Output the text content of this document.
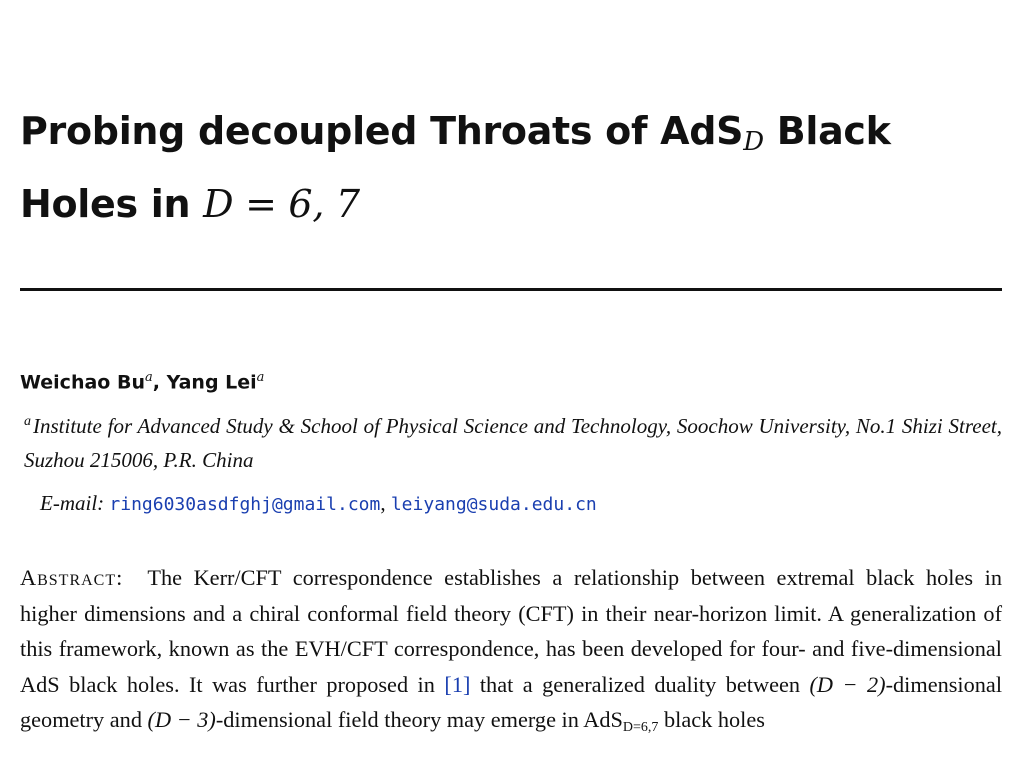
Probing decoupled Throats of AdS$_D$ Black
Holes in D = 6, 7
Weichao Bu$^a$, Yang Lei$^a$
$^a$Institute for Advanced Study & School of Physical Science and Technology, Soochow University, No.1 Shizi Street, Suzhou 215006, P.R. China
E-mail: ring6030asdfghj@gmail.com, leiyang@suda.edu.cn

Abstract: The Kerr/CFT correspondence establishes a relationship between extremal black holes in higher dimensions and a chiral conformal field theory (CFT) in their near-horizon limit. A generalization of this framework, known as the EVH/CFT correspondence, has been developed for four- and five-dimensional AdS black holes. It was further proposed in [1] that a generalized duality between (D − 2)-dimensional geometry and (D − 3)-dimensional field theory may emerge in AdSD=6,7 black holes
